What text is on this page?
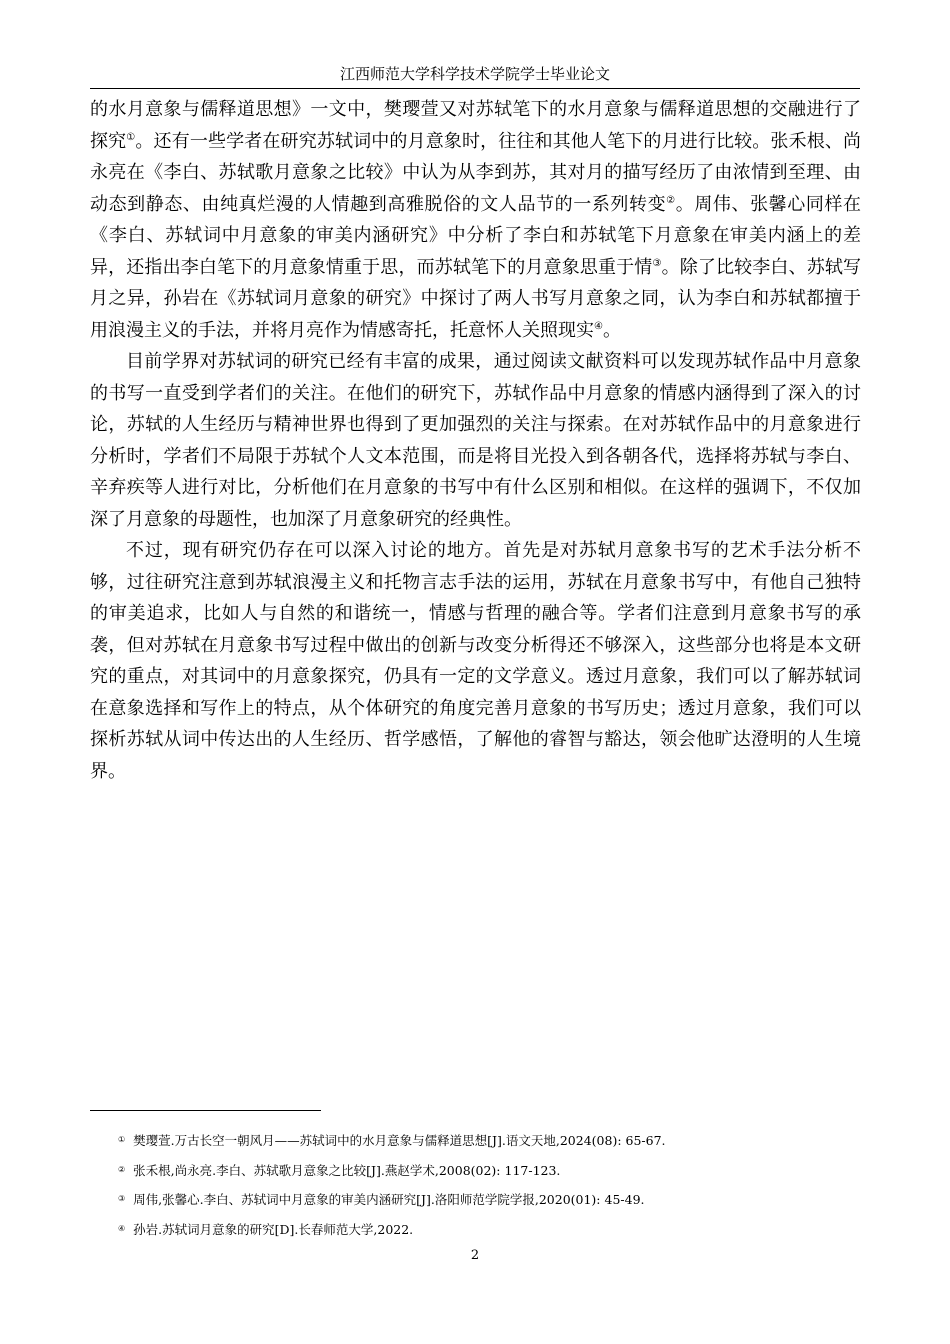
江西师范大学科学技术学院学士毕业论文

的水月意象与儒释道思想》一文中，樊璎萱又对苏轼笔下的水月意象与儒释道思想的交融进行了探究①。还有一些学者在研究苏轼词中的月意象时，往往和其他人笔下的月进行比较。张禾根、尚永亮在《李白、苏轼歌月意象之比较》中认为从李到苏，其对月的描写经历了由浓情到至理、由动态到静态、由纯真烂漫的人情趣到高雅脱俗的文人品节的一系列转变②。周伟、张馨心同样在《李白、苏轼词中月意象的审美内涵研究》中分析了李白和苏轼笔下月意象在审美内涵上的差异，还指出李白笔下的月意象情重于思，而苏轼笔下的月意象思重于情③。除了比较李白、苏轼写月之异，孙岩在《苏轼词月意象的研究》中探讨了两人书写月意象之同，认为李白和苏轼都擅于用浪漫主义的手法，并将月亮作为情感寄托，托意怀人关照现实④。

目前学界对苏轼词的研究已经有丰富的成果，通过阅读文献资料可以发现苏轼作品中月意象的书写一直受到学者们的关注。在他们的研究下，苏轼作品中月意象的情感内涵得到了深入的讨论，苏轼的人生经历与精神世界也得到了更加强烈的关注与探索。在对苏轼作品中的月意象进行分析时，学者们不局限于苏轼个人文本范围，而是将目光投入到各朝各代，选择将苏轼与李白、辛弃疾等人进行对比，分析他们在月意象的书写中有什么区别和相似。在这样的强调下，不仅加深了月意象的母题性，也加深了月意象研究的经典性。

不过，现有研究仍存在可以深入讨论的地方。首先是对苏轼月意象书写的艺术手法分析不够，过往研究注意到苏轼浪漫主义和托物言志手法的运用，苏轼在月意象书写中，有他自己独特的审美追求，比如人与自然的和谐统一，情感与哲理的融合等。学者们注意到月意象书写的承袭，但对苏轼在月意象书写过程中做出的创新与改变分析得还不够深入，这些部分也将是本文研究的重点，对其词中的月意象探究，仍具有一定的文学意义。透过月意象，我们可以了解苏轼词在意象选择和写作上的特点，从个体研究的角度完善月意象的书写历史；透过月意象，我们可以探析苏轼从词中传达出的人生经历、哲学感悟，了解他的睿智与豁达，领会他旷达澄明的人生境界。

① 樊璎萱.万古长空一朝风月——苏轼词中的水月意象与儒释道思想[J].语文天地,2024(08): 65-67.
② 张禾根,尚永亮.李白、苏轼歌月意象之比较[J].燕赵学术,2008(02): 117-123.
③ 周伟,张馨心.李白、苏轼词中月意象的审美内涵研究[J].洛阳师范学院学报,2020(01): 45-49.
④ 孙岩.苏轼词月意象的研究[D].长春师范大学,2022.
2
